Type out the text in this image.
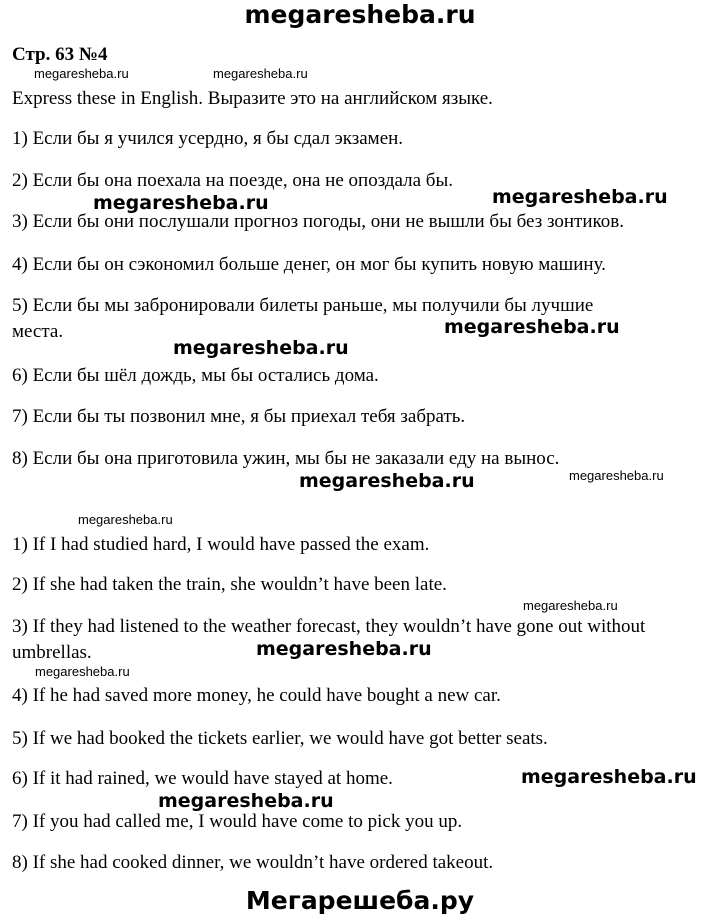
megaresheba.ru
Стр. 63 №4
Express these in English. Выразите это на английском языке.
1) Если бы я учился усердно, я бы сдал экзамен.
2) Если бы она поехала на поезде, она не опоздала бы.
3) Если бы они послушали прогноз погоды, они не вышли бы без зонтиков.
4) Если бы он сэкономил больше денег, он мог бы купить новую машину.
5) Если бы мы забронировали билеты раньше, мы получили бы лучшие
места.
6) Если бы шёл дождь, мы бы остались дома.
7) Если бы ты позвонил мне, я бы приехал тебя забрать.
8) Если бы она приготовила ужин, мы бы не заказали еду на вынос.
1) If I had studied hard, I would have passed the exam.
2) If she had taken the train, she wouldn’t have been late.
3) If they had listened to the weather forecast, they wouldn’t have gone out without
umbrellas.
4) If he had saved more money, he could have bought a new car.
5) If we had booked the tickets earlier, we would have got better seats.
6) If it had rained, we would have stayed at home.
7) If you had called me, I would have come to pick you up.
8) If she had cooked dinner, we wouldn’t have ordered takeout.
megaresheba.ru	megaresheba.ru
megaresheba.ru
megaresheba.ru
megaresheba.ru
megaresheba.ru
megaresheba.ru
megaresheba.ru
megaresheba.ru
megaresheba.ru
megaresheba.ru
megaresheba.ru
megaresheba.ru
megaresheba.ru
Мегарешеба.ру
